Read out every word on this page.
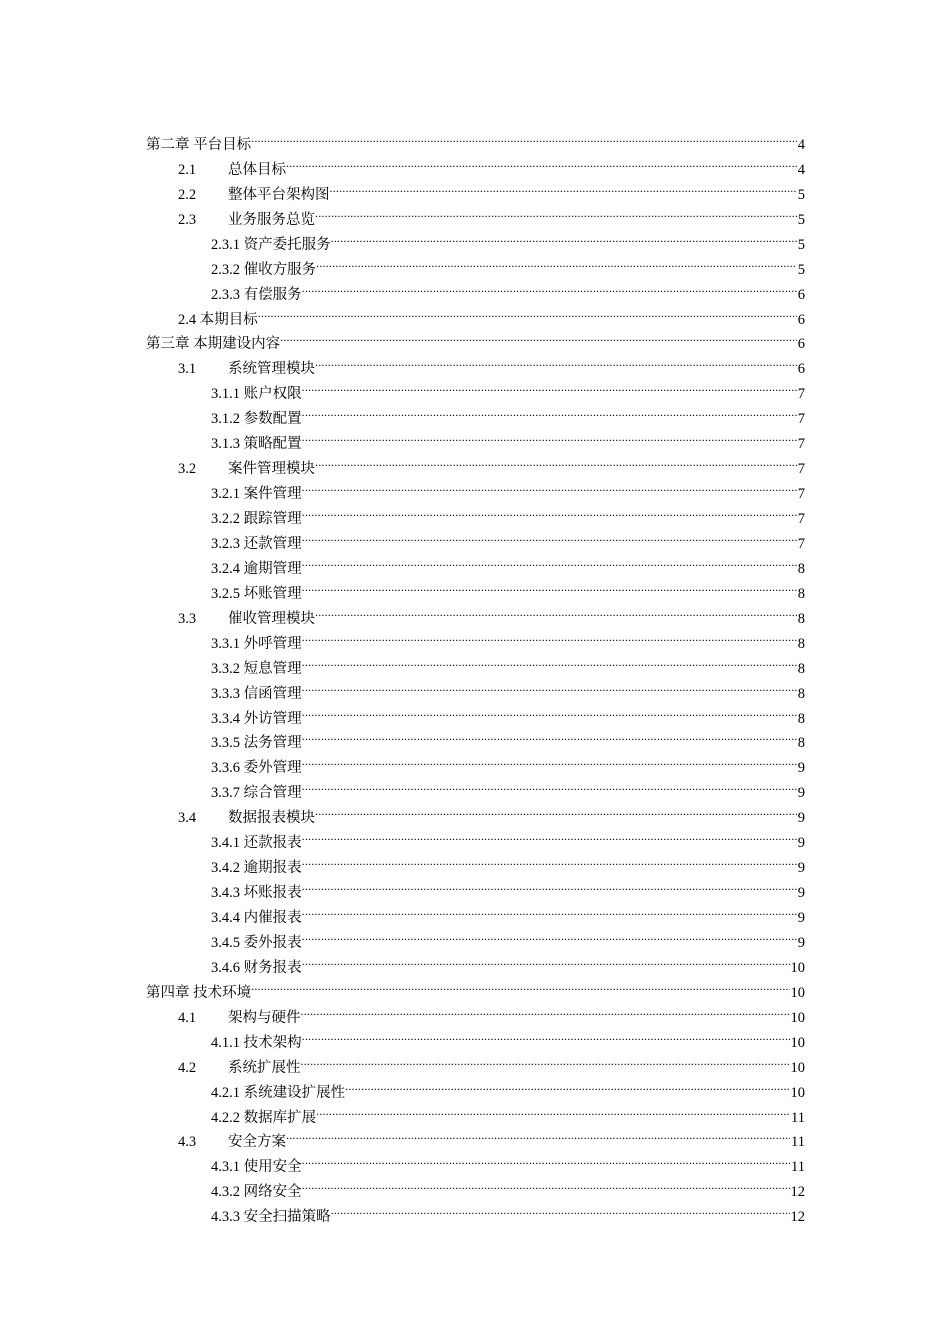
第二章 平台目标 .....	4
2.1	总体目标 .....	4
2.2	整体平台架构图 .....	5
2.3	业务服务总览 .....	5
2.3.1 资产委托服务 .....	5
2.3.2 催收方服务 .....	5
2.3.3 有偿服务 .....	6
2.4 本期目标 .....	6
第三章 本期建设内容 .....	6
3.1	系统管理模块 .....	6
3.1.1 账户权限 .....	7
3.1.2 参数配置 .....	7
3.1.3 策略配置 .....	7
3.2	案件管理模块 .....	7
3.2.1 案件管理 .....	7
3.2.2 跟踪管理 .....	7
3.2.3 还款管理 .....	7
3.2.4 逾期管理 .....	8
3.2.5 坏账管理 .....	8
3.3	催收管理模块 .....	8
3.3.1 外呼管理 .....	8
3.3.2 短息管理 .....	8
3.3.3 信函管理 .....	8
3.3.4 外访管理 .....	8
3.3.5 法务管理 .....	8
3.3.6 委外管理 .....	9
3.3.7 综合管理 .....	9
3.4	数据报表模块 .....	9
3.4.1 还款报表 .....	9
3.4.2 逾期报表 .....	9
3.4.3 坏账报表 .....	9
3.4.4 内催报表 .....	9
3.4.5 委外报表 .....	9
3.4.6 财务报表 .....	10
第四章 技术环境 .....	10
4.1	架构与硬件 .....	10
4.1.1 技术架构 .....	10
4.2	系统扩展性 .....	10
4.2.1 系统建设扩展性 .....	10
4.2.2 数据库扩展 .....	11
4.3	安全方案 .....	11
4.3.1 使用安全 .....	11
4.3.2 网络安全 .....	12
4.3.3 安全扫描策略 .....	12
